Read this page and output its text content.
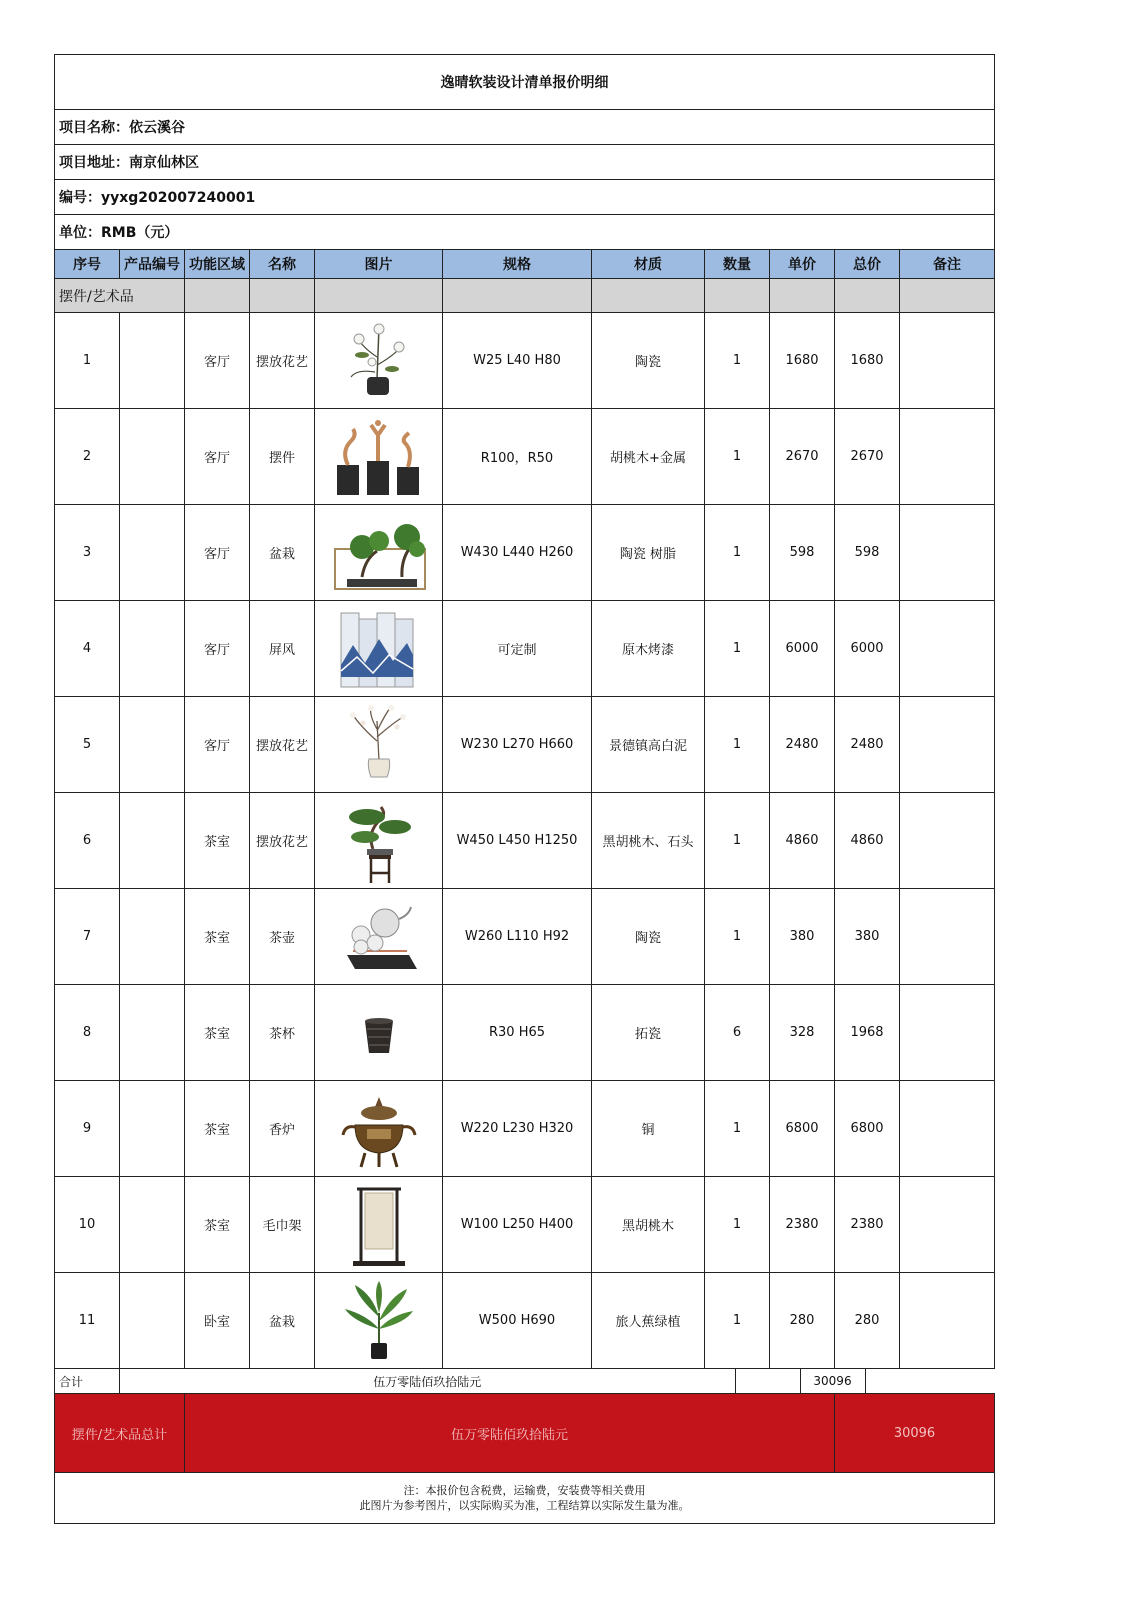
逸晴软装设计清单报价明细
项目名称：依云溪谷
项目地址：南京仙林区
编号：yyxg202007240001
单位：RMB（元）
序号	产品编号	功能区域	名称	图片	规格	材质	数量	单价	总价	备注
摆件/艺术品									
1		客厅	摆放花艺		W25 L40 H80	陶瓷	1	1680	1680	
2		客厅	摆件		R100，R50	胡桃木+金属	1	2670	2670	
3		客厅	盆栽		W430 L440 H260	陶瓷 树脂	1	598	598	
4		客厅	屏风		可定制	原木烤漆	1	6000	6000	
5		客厅	摆放花艺		W230 L270 H660	景德镇高白泥	1	2480	2480	
6		茶室	摆放花艺		W450 L450 H1250	黑胡桃木、石头	1	4860	4860	
7		茶室	茶壶		W260 L110 H92	陶瓷	1	380	380	
8		茶室	茶杯		R30 H65	拓瓷	6	328	1968	
9		茶室	香炉		W220 L230 H320	铜	1	6800	6800	
10		茶室	毛巾架		W100 L250 H400	黑胡桃木	1	2380	2380	
11		卧室	盆栽		W500 H690	旅人蕉绿植	1	280	280	
合计		伍万零陆佰玖拾陆元		30096	

摆件/艺术品总计	伍万零陆佰玖拾陆元	30096

注：本报价包含税费，运输费，安装费等相关费用
此图片为参考图片，以实际购买为准，工程结算以实际发生量为准。
